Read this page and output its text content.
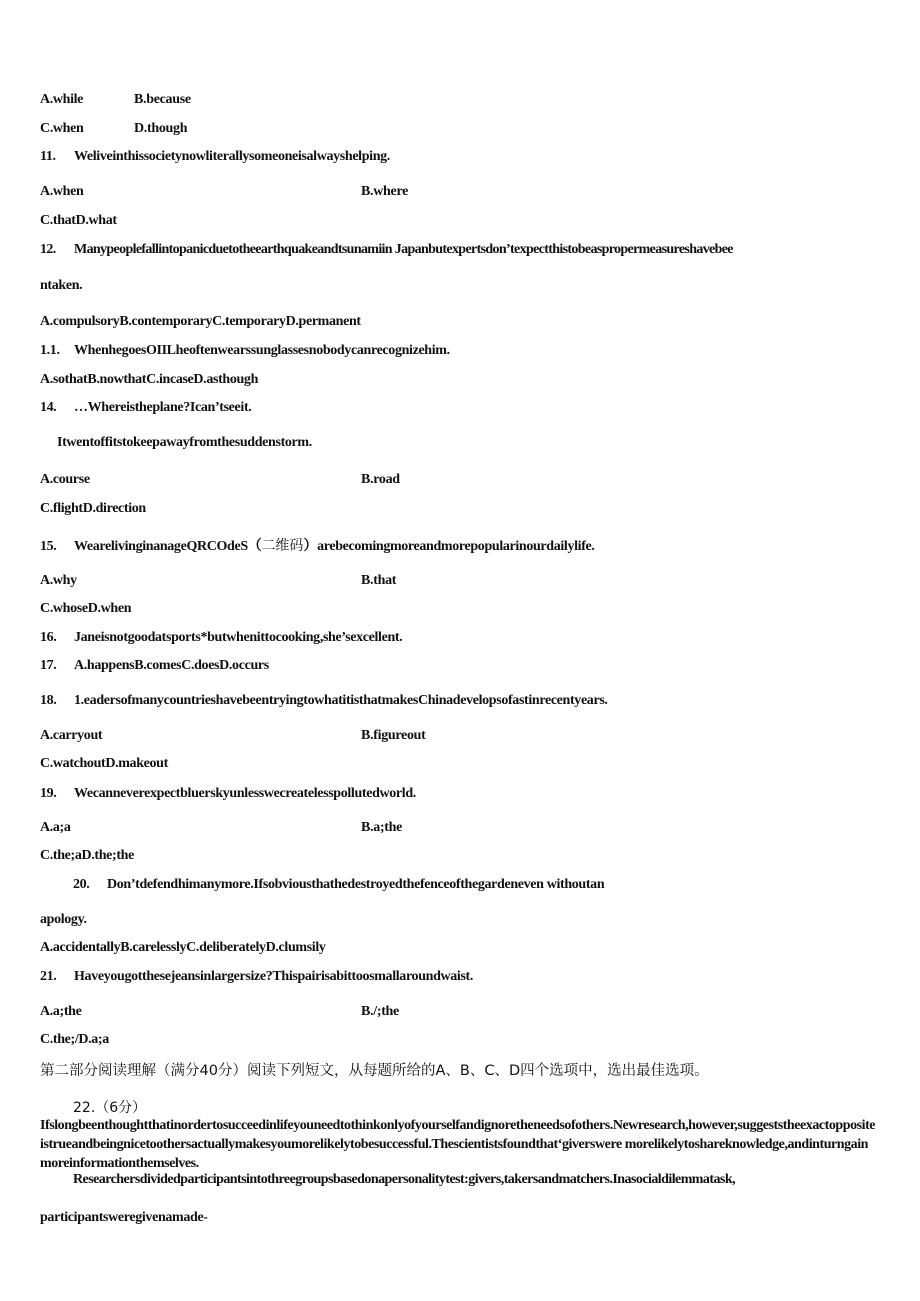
A.while	B.because
C.when	D.though
11. Weliveinthissocietynowliterallysomeoneisalwayshelping.
A.when	B.where
C.thatD.what
12. Manypeoplefallintopanicduetotheearthquakeandtsunamiin Japanbutexpertsdon’texpectthistobeaspropermeasureshavebee
ntaken.
A.compulsoryB.contemporaryC.temporaryD.permanent
1.1. WhenhegoesOIILheoftenwearssunglassesnobodycanrecognizehim.
A.sothatB.nowthatC.incaseD.asthough
14. …Whereistheplane?Ican’tseeit.
Itwentoffitstokeepawayfromthesuddenstorm.
A.course	B.road
C.flightD.direction
15. WearelivinginanageQRCOdeS（二维码）arebecomingmoreandmorepopularinourdailylife.
A.why	B.that
C.whoseD.when
16. Janeisnotgoodatsports*butwhenittocooking,she’sexcellent.
17. A.happensB.comesC.doesD.occurs
18. 1.eadersofmanycountrieshavebeentryingtowhatitisthatmakesChinadevelopsofastinrecentyears.
A.carryout	B.figureout
C.watchoutD.makeout
19. Wecanneverexpectbluerskyunlesswecreatelesspollutedworld.
A.a;a	B.a;the
C.the;aD.the;the
20. Don’tdefendhimanymore.Ifsobviousthathedestroyedthefenceofthegardeneven withoutan
apology.
A.accidentallyB.carelesslyC.deliberatelyD.clumsily
21. Haveyougotthesejeansinlargersize?Thispairisabittoosmallaroundwaist.
A.a;the	B./;the
C.the;/D.a;a
第二部分阅读理解（满分40分）阅读下列短文，从每题所给的A、B、C、D四个选项中，选出最佳选项。
22.（6分）
Ifslongbeenthoughtthatinordertosucceedinlifeyouneedtothinkonlyofyourselfandignoretheneedsofothers.Newresearch,however,suggeststheexactoppositeistrueandbeingnicetoothersactuallymakesyoumorelikelytobesuccessful.Thescientistsfoundthat‘giverswere morelikelytoshareknowledge,andinturngainmoreinformationthemselves.
Researchersdividedparticipantsintothreegroupsbasedonapersonalitytest:givers,takersandmatchers.Inasocialdilemmatask,
participantsweregivenamade-
